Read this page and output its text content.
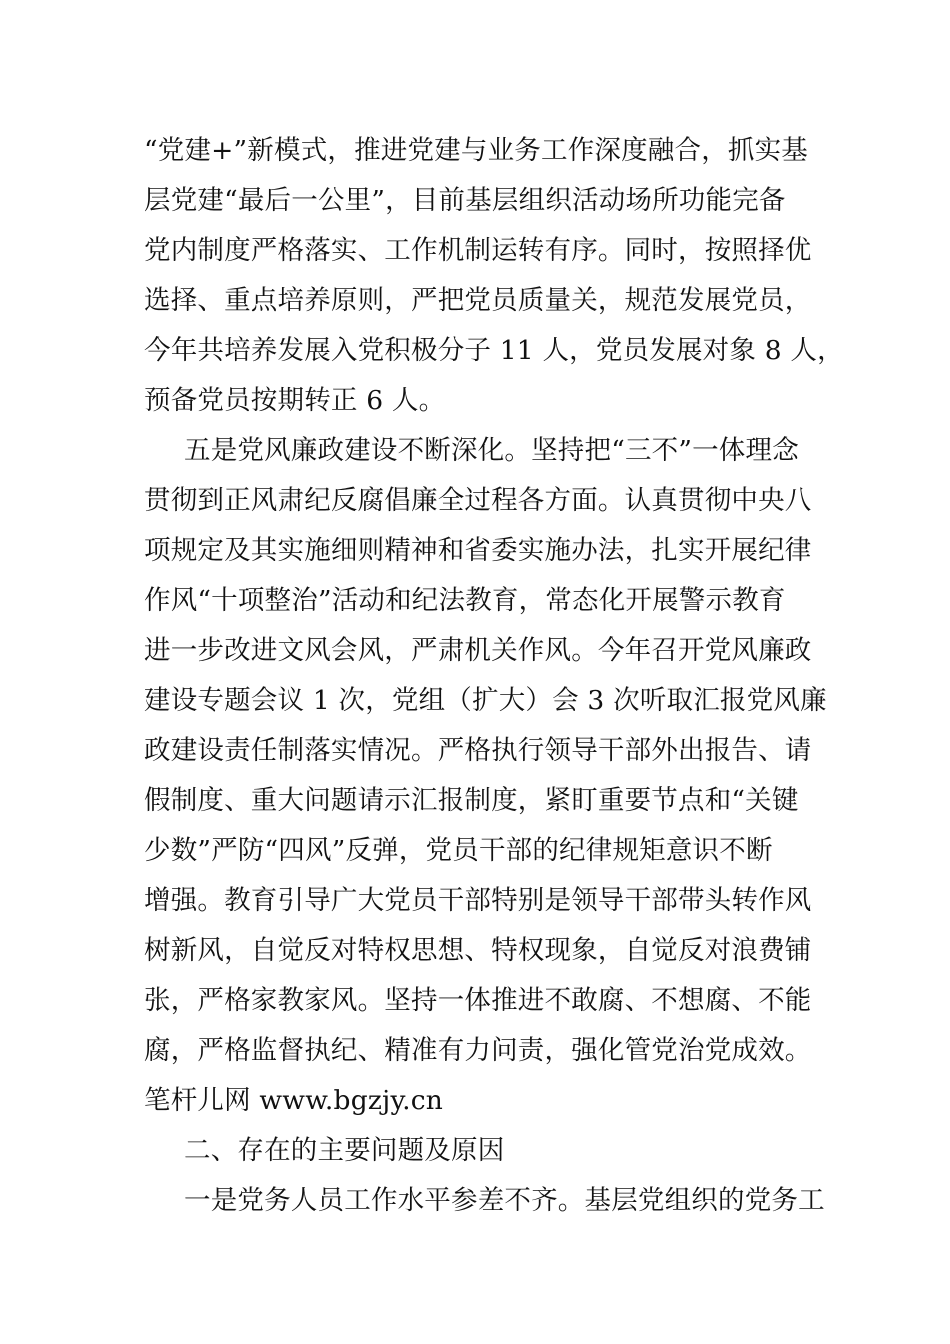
“党建+”新模式，推进党建与业务工作深度融合，抓实基
层党建“最后一公里”，目前基层组织活动场所功能完备
党内制度严格落实、工作机制运转有序。同时，按照择优
选择、重点培养原则，严把党员质量关，规范发展党员，
今年共培养发展入党积极分子 11 人，党员发展对象 8 人，
预备党员按期转正 6 人。
五是党风廉政建设不断深化。坚持把“三不”一体理念
贯彻到正风肃纪反腐倡廉全过程各方面。认真贯彻中央八
项规定及其实施细则精神和省委实施办法，扎实开展纪律
作风“十项整治”活动和纪法教育，常态化开展警示教育
进一步改进文风会风，严肃机关作风。今年召开党风廉政
建设专题会议 1 次，党组（扩大）会 3 次听取汇报党风廉
政建设责任制落实情况。严格执行领导干部外出报告、请
假制度、重大问题请示汇报制度，紧盯重要节点和“关键
少数”严防“四风”反弹，党员干部的纪律规矩意识不断
增强。教育引导广大党员干部特别是领导干部带头转作风
树新风，自觉反对特权思想、特权现象，自觉反对浪费铺
张，严格家教家风。坚持一体推进不敢腐、不想腐、不能
腐，严格监督执纪、精准有力问责，强化管党治党成效。
笔杆儿网 www.bgzjy.cn
二、存在的主要问题及原因
一是党务人员工作水平参差不齐。基层党组织的党务工
